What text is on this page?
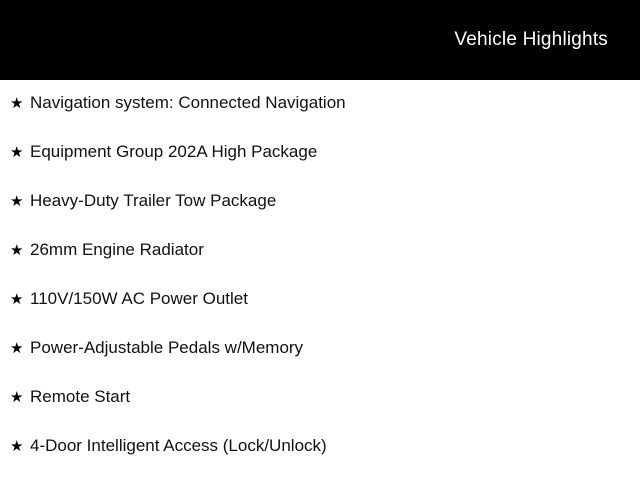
Vehicle Highlights
★ Navigation system: Connected Navigation
★ Equipment Group 202A High Package
★ Heavy-Duty Trailer Tow Package
★ 26mm Engine Radiator
★ 110V/150W AC Power Outlet
★ Power-Adjustable Pedals w/Memory
★ Remote Start
★ 4-Door Intelligent Access (Lock/Unlock)
